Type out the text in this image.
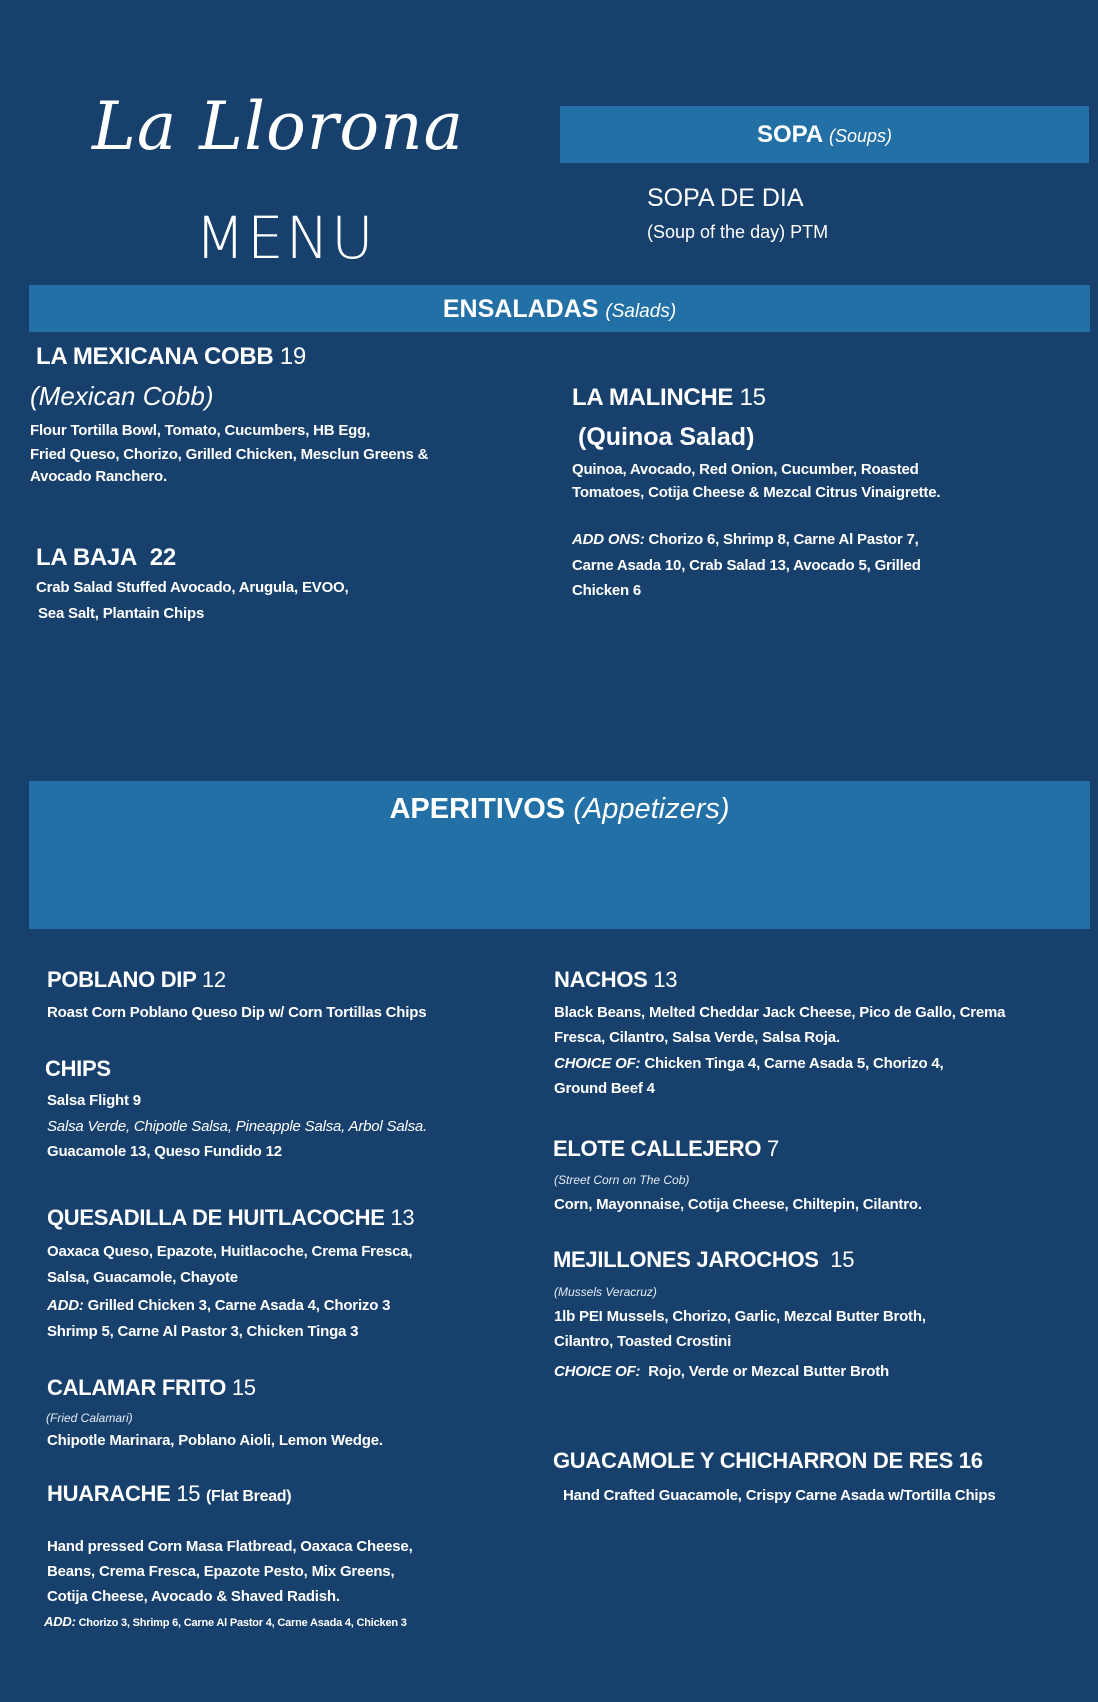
La Llorona
MENU
SOPA (Soups)
SOPA DE DIA
(Soup of the day) PTM
ENSALADAS (Salads)
LA MEXICANA COBB 19
(Mexican Cobb)
Flour Tortilla Bowl, Tomato, Cucumbers, HB Egg,
Fried Queso, Chorizo, Grilled Chicken, Mesclun Greens &
Avocado Ranchero.
LA BAJA 22
Crab Salad Stuffed Avocado, Arugula, EVOO,
Sea Salt, Plantain Chips
LA MALINCHE 15
(Quinoa Salad)
Quinoa, Avocado, Red Onion, Cucumber, Roasted
Tomatoes, Cotija Cheese & Mezcal Citrus Vinaigrette.
ADD ONS: Chorizo 6, Shrimp 8, Carne Al Pastor 7,
Carne Asada 10, Crab Salad 13, Avocado 5, Grilled
Chicken 6
APERITIVOS (Appetizers)
POBLANO DIP 12
Roast Corn Poblano Queso Dip w/ Corn Tortillas Chips
CHIPS
Salsa Flight 9
Salsa Verde, Chipotle Salsa, Pineapple Salsa, Arbol Salsa.
Guacamole 13, Queso Fundido 12
QUESADILLA DE HUITLACOCHE 13
Oaxaca Queso, Epazote, Huitlacoche, Crema Fresca,
Salsa, Guacamole, Chayote
ADD: Grilled Chicken 3, Carne Asada 4, Chorizo 3
Shrimp 5, Carne Al Pastor 3, Chicken Tinga 3
CALAMAR FRITO 15
(Fried Calamari)
Chipotle Marinara, Poblano Aioli, Lemon Wedge.
HUARACHE 15 (Flat Bread)
Hand pressed Corn Masa Flatbread, Oaxaca Cheese,
Beans, Crema Fresca, Epazote Pesto, Mix Greens,
Cotija Cheese, Avocado & Shaved Radish.
ADD: Chorizo 3, Shrimp 6, Carne Al Pastor 4, Carne Asada 4, Chicken 3
NACHOS 13
Black Beans, Melted Cheddar Jack Cheese, Pico de Gallo, Crema
Fresca, Cilantro, Salsa Verde, Salsa Roja.
CHOICE OF: Chicken Tinga 4, Carne Asada 5, Chorizo 4,
Ground Beef 4
ELOTE CALLEJERO 7
(Street Corn on The Cob)
Corn, Mayonnaise, Cotija Cheese, Chiltepin, Cilantro.
MEJILLONES JAROCHOS 15
(Mussels Veracruz)
1lb PEI Mussels, Chorizo, Garlic, Mezcal Butter Broth,
Cilantro, Toasted Crostini
CHOICE OF: Rojo, Verde or Mezcal Butter Broth
GUACAMOLE Y CHICHARRON DE RES 16
Hand Crafted Guacamole, Crispy Carne Asada w/Tortilla Chips
